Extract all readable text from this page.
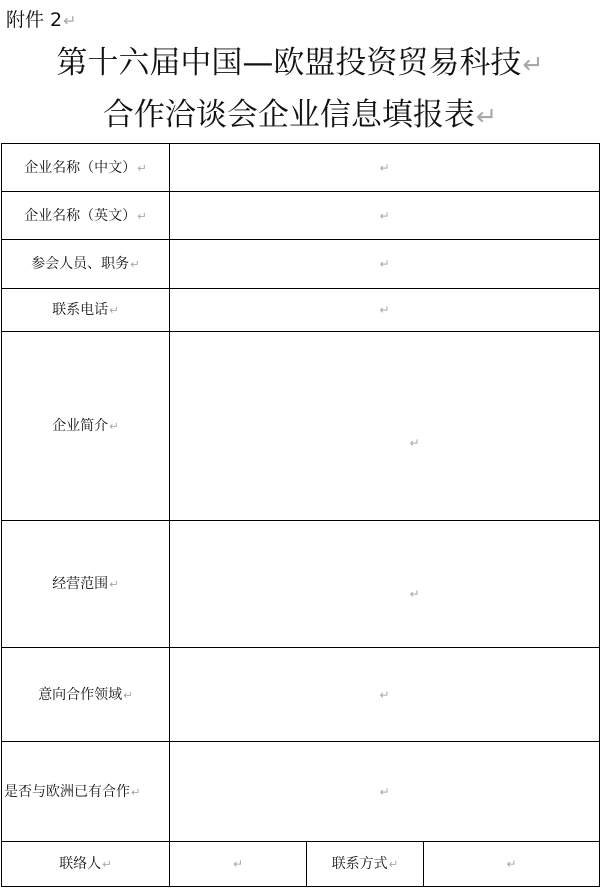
附件 2↵
第十六届中国—欧盟投资贸易科技↵
合作洽谈会企业信息填报表↵
企业名称（中文）↵	↵		
企业名称（英文）↵	↵		
参会人员、职务↵	↵		
联系电话↵	↵		
企业简介↵	↵		
经营范围↵	↵		
意向合作领域↵	↵		
是否与欧洲已有合作↵	↵		
联络人↵	↵	联系方式↵	↵
